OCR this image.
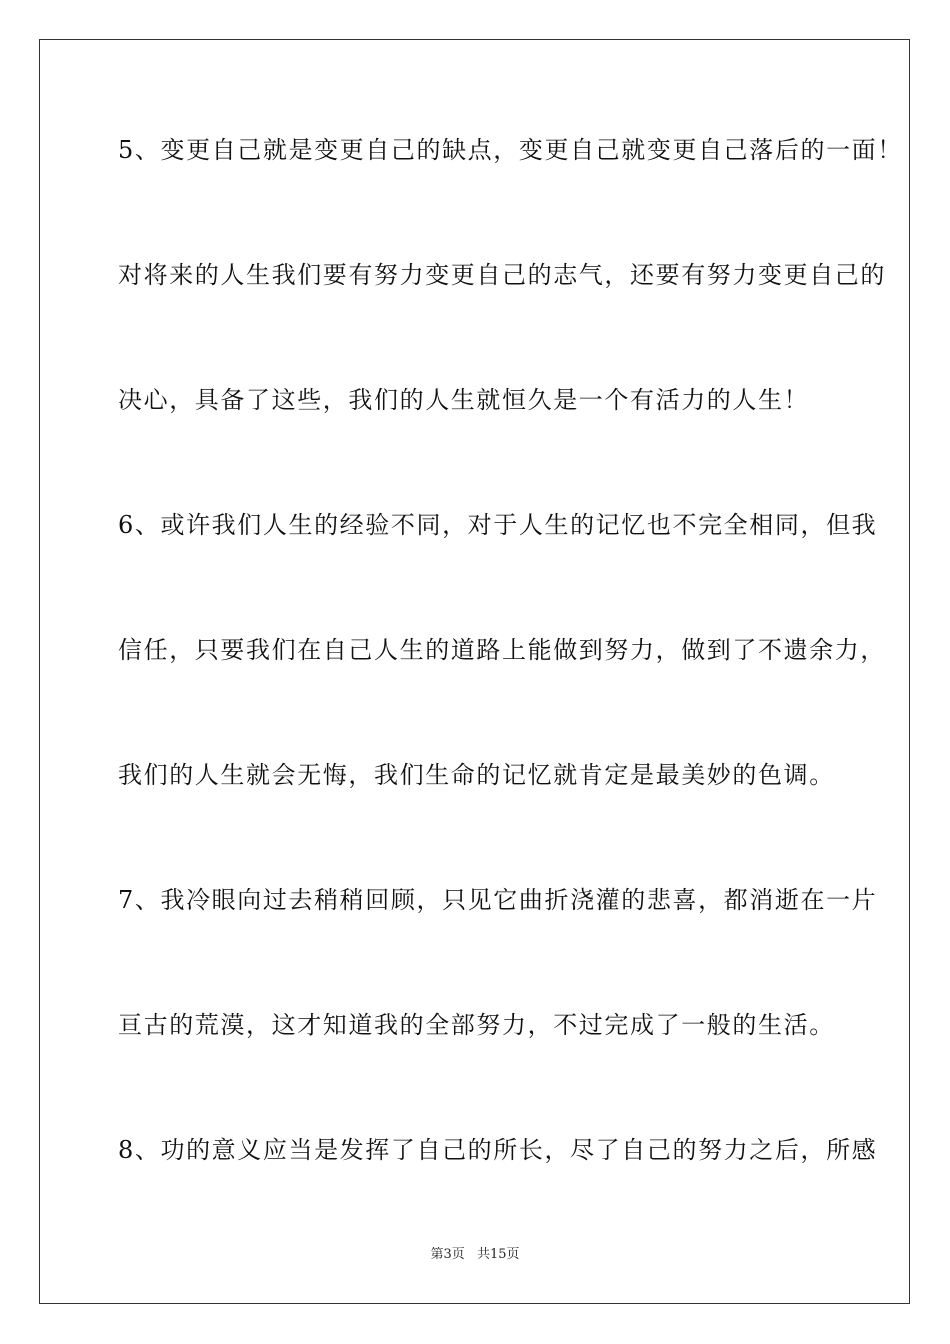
5、变更自己就是变更自己的缺点，变更自己就变更自己落后的一面！
对将来的人生我们要有努力变更自己的志气，还要有努力变更自己的
决心，具备了这些，我们的人生就恒久是一个有活力的人生！
6、或许我们人生的经验不同，对于人生的记忆也不完全相同，但我
信任，只要我们在自己人生的道路上能做到努力，做到了不遗余力，
我们的人生就会无悔，我们生命的记忆就肯定是最美妙的色调。
7、我冷眼向过去稍稍回顾，只见它曲折浇灌的悲喜，都消逝在一片
亘古的荒漠，这才知道我的全部努力，不过完成了一般的生活。
8、功的意义应当是发挥了自己的所长，尽了自己的努力之后，所感
第3页 共15页
